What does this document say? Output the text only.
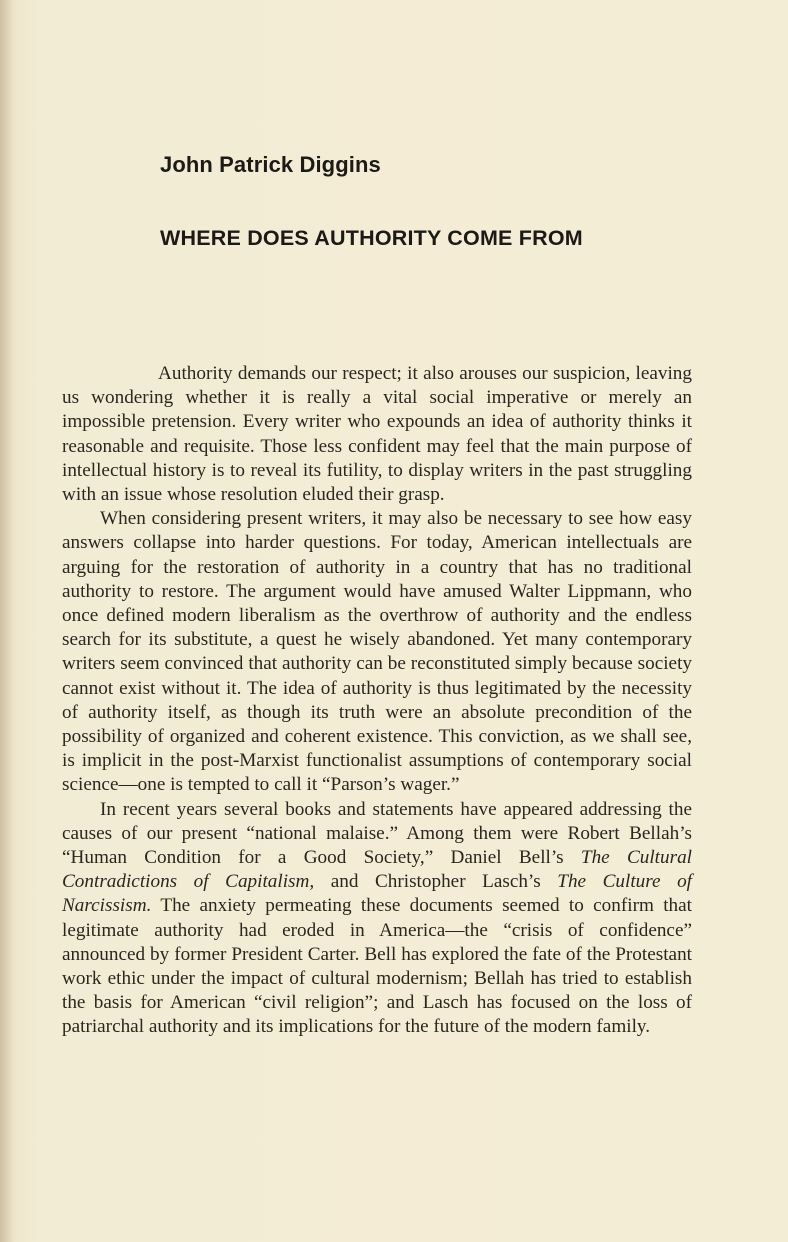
John Patrick Diggins
WHERE DOES AUTHORITY COME FROM

Authority demands our respect; it also arouses our suspicion, leaving us wondering whether it is really a vital social imperative or merely an impossible pretension. Every writer who expounds an idea of authority thinks it reasonable and requisite. Those less confident may feel that the main purpose of intellectual history is to reveal its futility, to display writers in the past struggling with an issue whose resolution eluded their grasp.

When considering present writers, it may also be necessary to see how easy answers collapse into harder questions. For today, American intellectuals are arguing for the restoration of authority in a country that has no traditional authority to restore. The argument would have amused Walter Lippmann, who once defined modern liberalism as the overthrow of authority and the endless search for its substitute, a quest he wisely abandoned. Yet many contemporary writers seem convinced that authority can be reconstituted simply because society cannot exist without it. The idea of authority is thus legitimated by the necessity of authority itself, as though its truth were an absolute precondition of the possibility of organized and coherent existence. This conviction, as we shall see, is implicit in the post-Marxist functionalist assumptions of contemporary social science—one is tempted to call it “Parson’s wager.”

In recent years several books and statements have appeared addressing the causes of our present “national malaise.” Among them were Robert Bellah’s “Human Condition for a Good Society,” Daniel Bell’s The Cultural Contradictions of Capitalism, and Christopher Lasch’s The Culture of Narcissism. The anxiety permeating these documents seemed to confirm that legitimate authority had eroded in America—the “crisis of confidence” announced by former President Carter. Bell has explored the fate of the Protestant work ethic under the impact of cultural modernism; Bellah has tried to establish the basis for American “civil religion”; and Lasch has focused on the loss of patriarchal authority and its implications for the future of the modern family.
